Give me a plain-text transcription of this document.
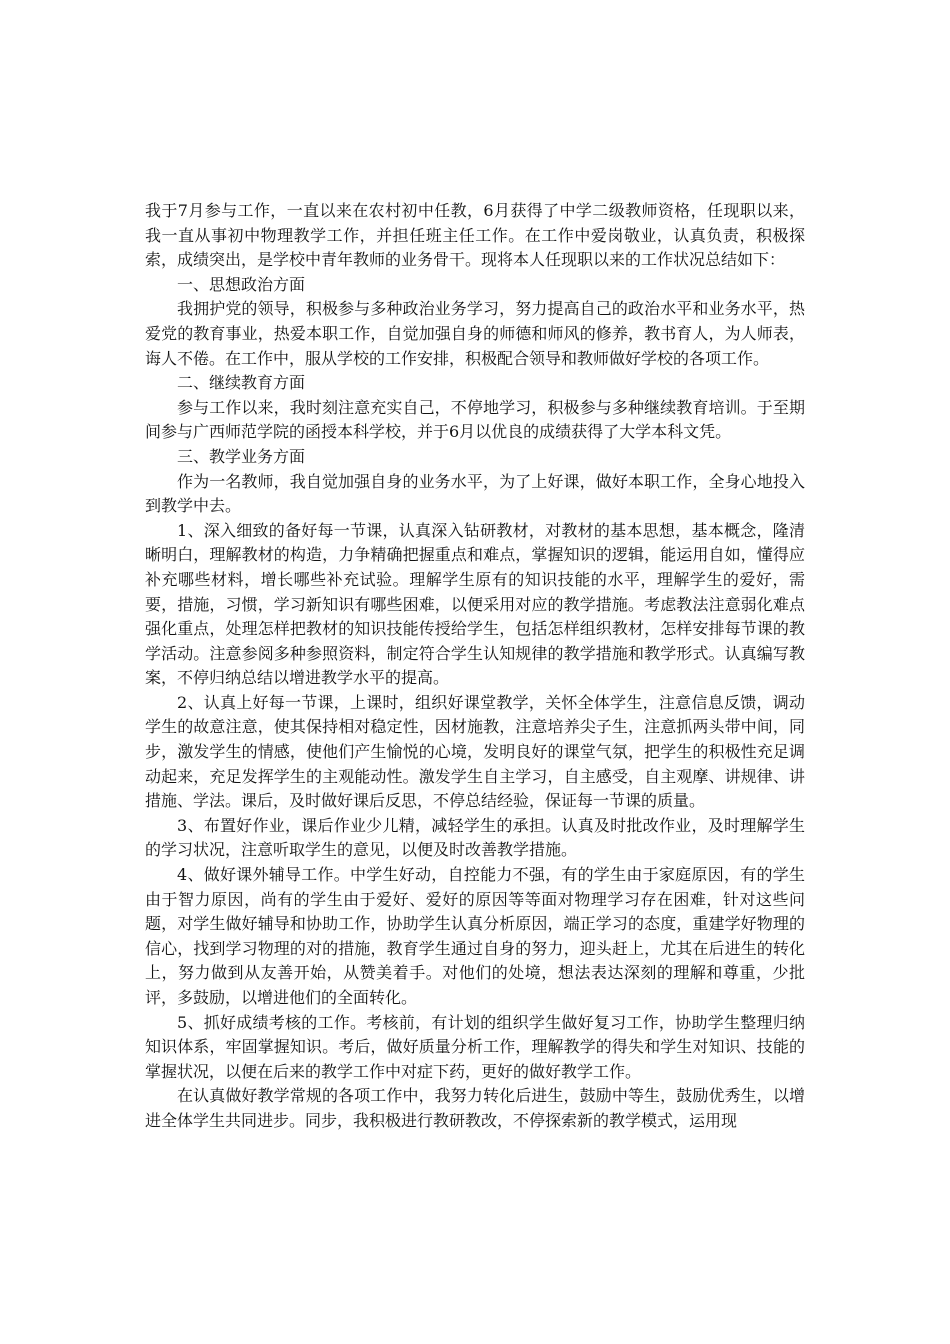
我于7月参与工作，一直以来在农村初中任教，6月获得了中学二级教师资格，任现职以来，我一直从事初中物理教学工作，并担任班主任工作。在工作中爱岗敬业，认真负责，积极探索，成绩突出，是学校中青年教师的业务骨干。现将本人任现职以来的工作状况总结如下：

一、思想政治方面

我拥护党的领导，积极参与多种政治业务学习，努力提高自己的政治水平和业务水平，热爱党的教育事业，热爱本职工作，自觉加强自身的师德和师风的修养，教书育人，为人师表，诲人不倦。在工作中，服从学校的工作安排，积极配合领导和教师做好学校的各项工作。

二、继续教育方面

参与工作以来，我时刻注意充实自己，不停地学习，积极参与多种继续教育培训。于至期间参与广西师范学院的函授本科学校，并于6月以优良的成绩获得了大学本科文凭。

三、教学业务方面

作为一名教师，我自觉加强自身的业务水平，为了上好课，做好本职工作，全身心地投入到教学中去。

1、深入细致的备好每一节课，认真深入钻研教材，对教材的基本思想，基本概念，隆清晰明白，理解教材的构造，力争精确把握重点和难点，掌握知识的逻辑，能运用自如，懂得应补充哪些材料，增长哪些补充试验。理解学生原有的知识技能的水平，理解学生的爱好，需要，措施，习惯，学习新知识有哪些困难，以便采用对应的教学措施。考虑教法注意弱化难点强化重点，处理怎样把教材的知识技能传授给学生，包括怎样组织教材，怎样安排每节课的教学活动。注意参阅多种参照资料，制定符合学生认知规律的教学措施和教学形式。认真编写教案，不停归纳总结以增进教学水平的提高。

2、认真上好每一节课，上课时，组织好课堂教学，关怀全体学生，注意信息反馈，调动学生的故意注意，使其保持相对稳定性，因材施教，注意培养尖子生，注意抓两头带中间，同步，激发学生的情感，使他们产生愉悦的心境，发明良好的课堂气氛，把学生的积极性充足调动起来，充足发挥学生的主观能动性。激发学生自主学习，自主感受，自主观摩、讲规律、讲措施、学法。课后，及时做好课后反思，不停总结经验，保证每一节课的质量。

3、布置好作业，课后作业少儿精，减轻学生的承担。认真及时批改作业，及时理解学生的学习状况，注意听取学生的意见，以便及时改善教学措施。

4、做好课外辅导工作。中学生好动，自控能力不强，有的学生由于家庭原因，有的学生由于智力原因，尚有的学生由于爱好、爱好的原因等等面对物理学习存在困难，针对这些问题，对学生做好辅导和协助工作，协助学生认真分析原因，端正学习的态度，重建学好物理的信心，找到学习物理的对的措施，教育学生通过自身的努力，迎头赶上，尤其在后进生的转化上，努力做到从友善开始，从赞美着手。对他们的处境，想法表达深刻的理解和尊重，少批评，多鼓励，以增进他们的全面转化。

5、抓好成绩考核的工作。考核前，有计划的组织学生做好复习工作，协助学生整理归纳知识体系，牢固掌握知识。考后，做好质量分析工作，理解教学的得失和学生对知识、技能的掌握状况，以便在后来的教学工作中对症下药，更好的做好教学工作。

在认真做好教学常规的各项工作中，我努力转化后进生，鼓励中等生，鼓励优秀生，以增进全体学生共同进步。同步，我积极进行教研教改，不停探索新的教学模式，运用现
